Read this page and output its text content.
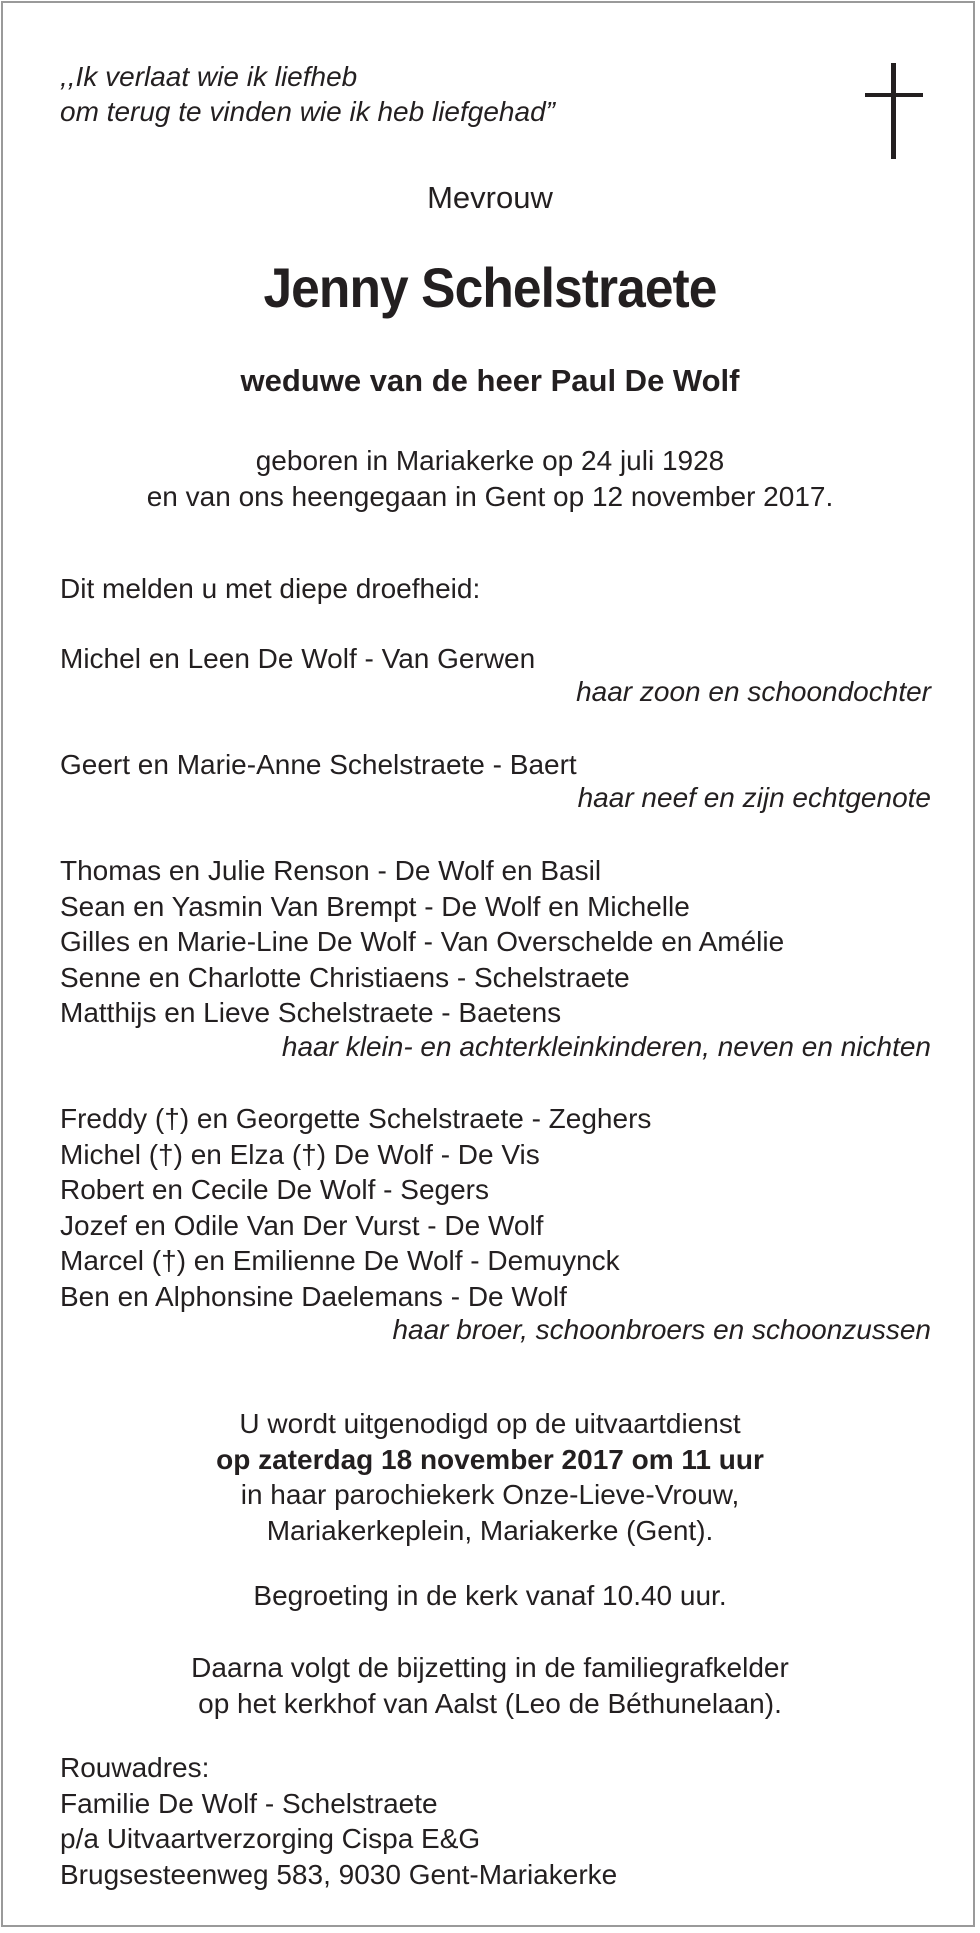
,,Ik verlaat wie ik liefheb
om terug te vinden wie ik heb liefgehad”
Mevrouw
Jenny Schelstraete
weduwe van de heer Paul De Wolf
geboren in Mariakerke op 24 juli 1928
en van ons heengegaan in Gent op 12 november 2017.
Dit melden u met diepe droefheid:
Michel en Leen De Wolf - Van Gerwen
haar zoon en schoondochter
Geert en Marie-Anne Schelstraete - Baert
haar neef en zijn echtgenote
Thomas en Julie Renson - De Wolf en Basil
Sean en Yasmin Van Brempt - De Wolf en Michelle
Gilles en Marie-Line De Wolf - Van Overschelde en Amélie
Senne en Charlotte Christiaens - Schelstraete
Matthijs en Lieve Schelstraete - Baetens
haar klein- en achterkleinkinderen, neven en nichten
Freddy (†) en Georgette Schelstraete - Zeghers
Michel (†) en Elza (†) De Wolf - De Vis
Robert en Cecile De Wolf - Segers
Jozef en Odile Van Der Vurst - De Wolf
Marcel (†) en Emilienne De Wolf - Demuynck
Ben en Alphonsine Daelemans - De Wolf
haar broer, schoonbroers en schoonzussen
U wordt uitgenodigd op de uitvaartdienst
op zaterdag 18 november 2017 om 11 uur
in haar parochiekerk Onze-Lieve-Vrouw,
Mariakerkeplein, Mariakerke (Gent).
Begroeting in de kerk vanaf 10.40 uur.
Daarna volgt de bijzetting in de familiegrafkelder
op het kerkhof van Aalst (Leo de Béthunelaan).
Rouwadres:
Familie De Wolf - Schelstraete
p/a Uitvaartverzorging Cispa E&G
Brugsesteenweg 583, 9030 Gent-Mariakerke
